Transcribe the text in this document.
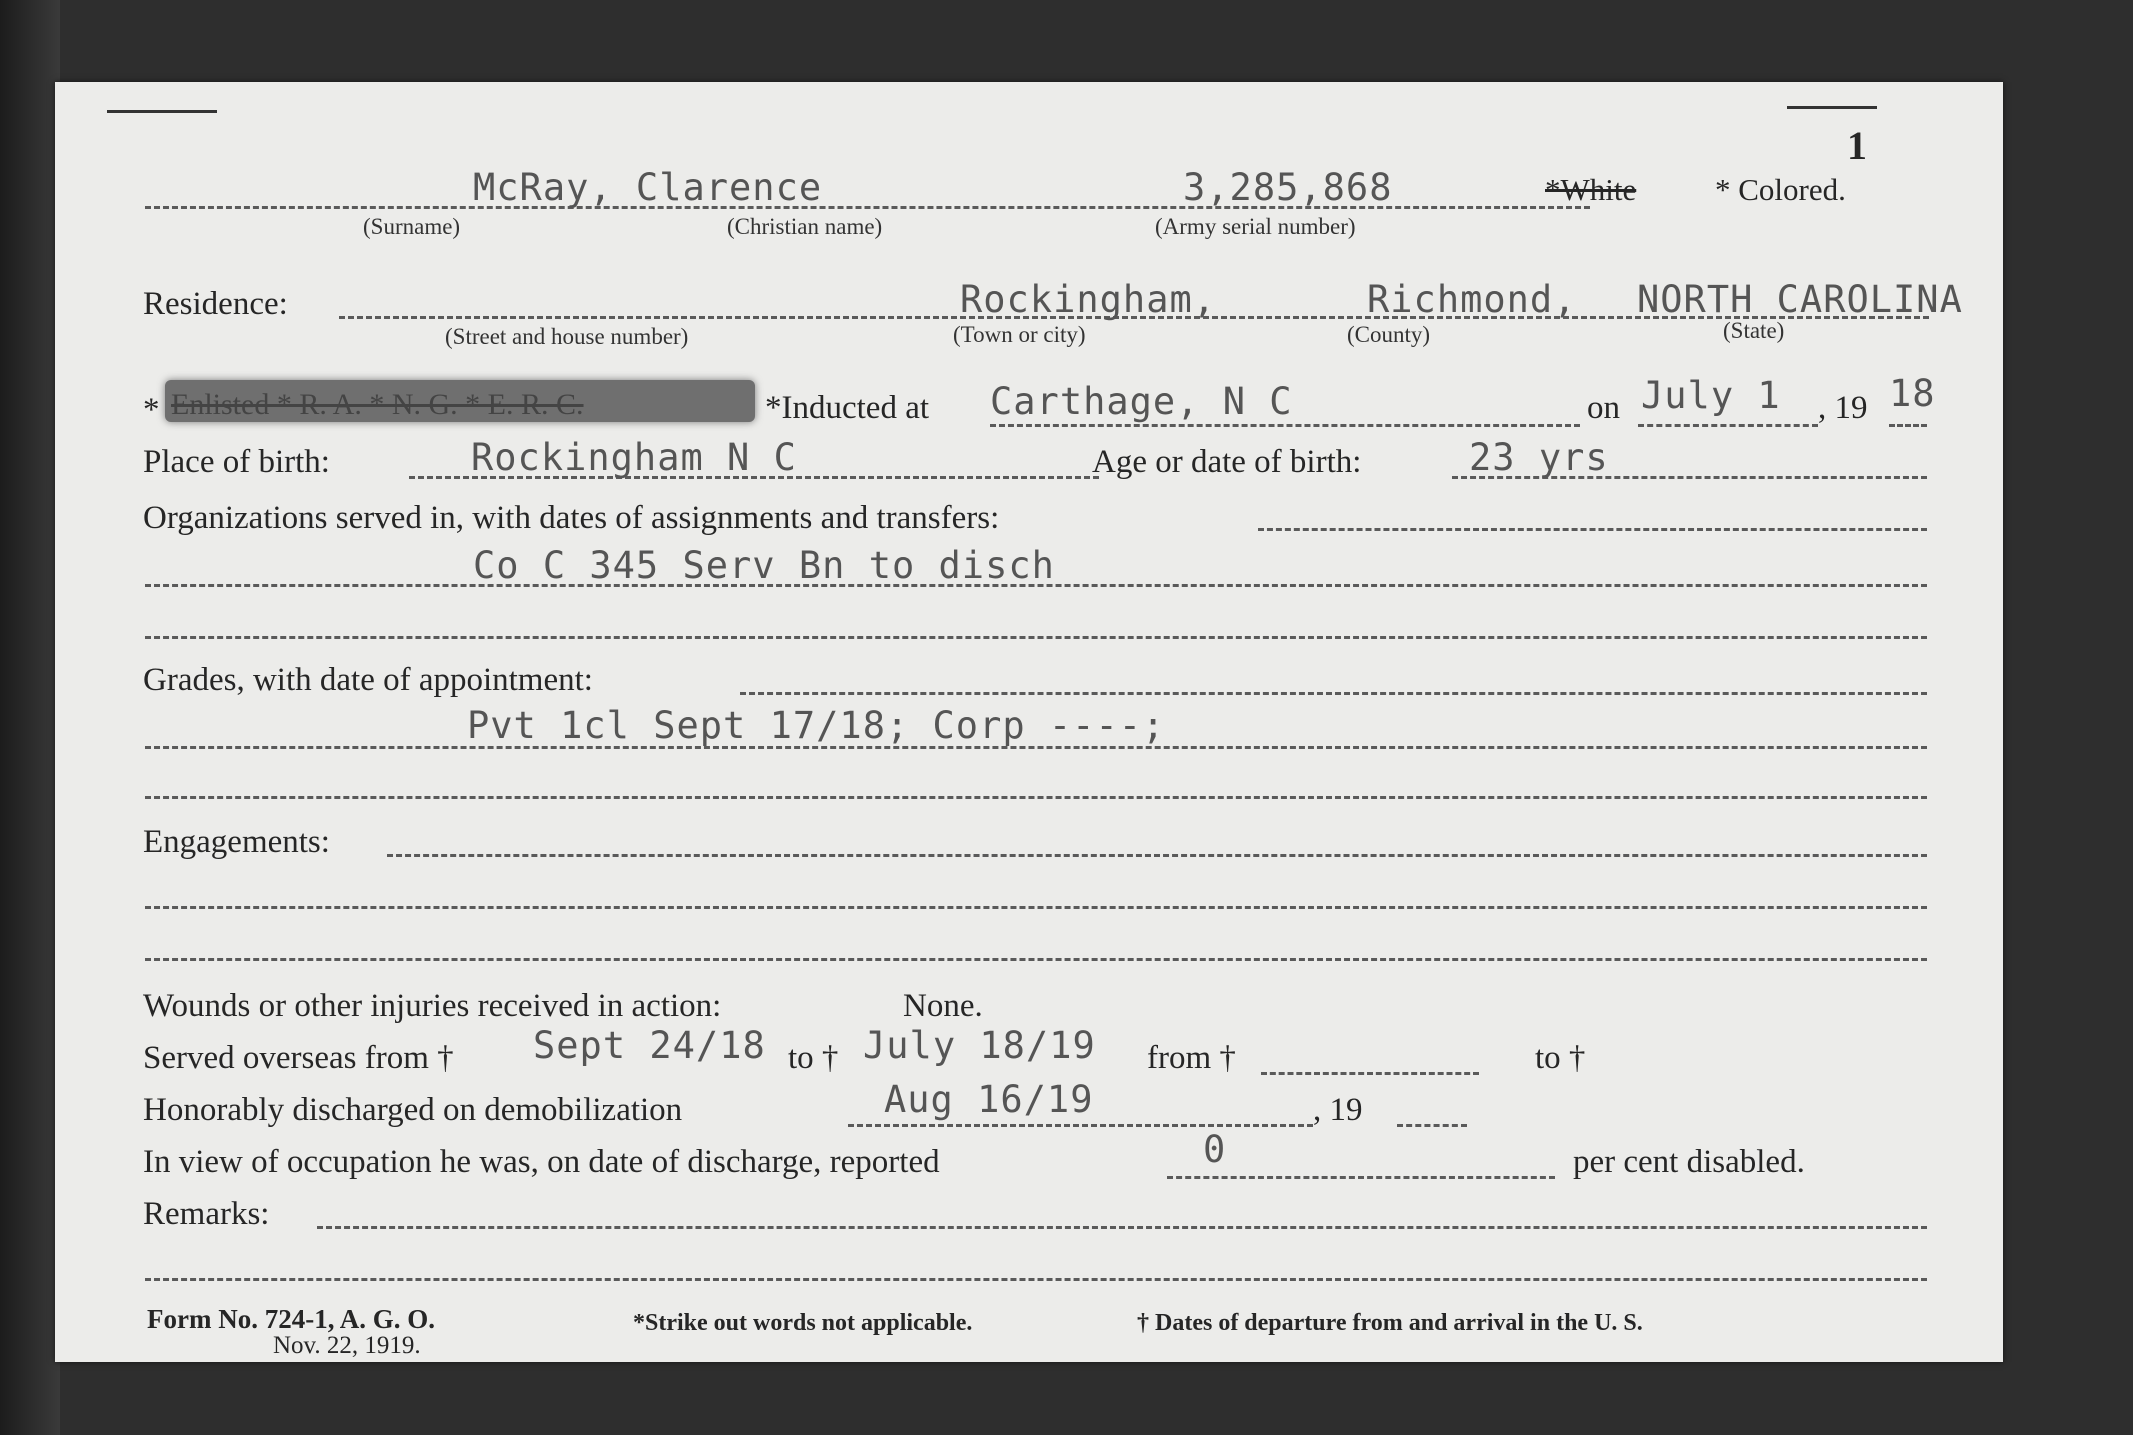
1
McRay, Clarence	3,285,868	*White	* Colored.
(Surname)	(Christian name)	(Army serial number)
Residence:	Rockingham,	Richmond, NORTH CAROLINA
(Street and house number)	(Town or city)	(County)	(State)
* Enlisted * R. A. * N. G. * E. R. C.	*Inducted at Carthage, N C	on July 1 , 19 18
Place of birth:	Rockingham N C	Age or date of birth:	23 yrs
Organizations served in, with dates of assignments and transfers:
Co C 345 Serv Bn to disch
Grades, with date of appointment:
Pvt 1cl Sept 17/18; Corp ----;
Engagements:
Wounds or other injuries received in action:	None.
Served overseas from † Sept 24/18 to † July 18/19 from †	to †
Honorably discharged on demobilization	Aug 16/19	, 19
In view of occupation he was, on date of discharge, reported	0	per cent disabled.
Remarks:
Form No. 724-1, A. G. O.
Nov. 22, 1919.
*Strike out words not applicable.	† Dates of departure from and arrival in the U. S.
